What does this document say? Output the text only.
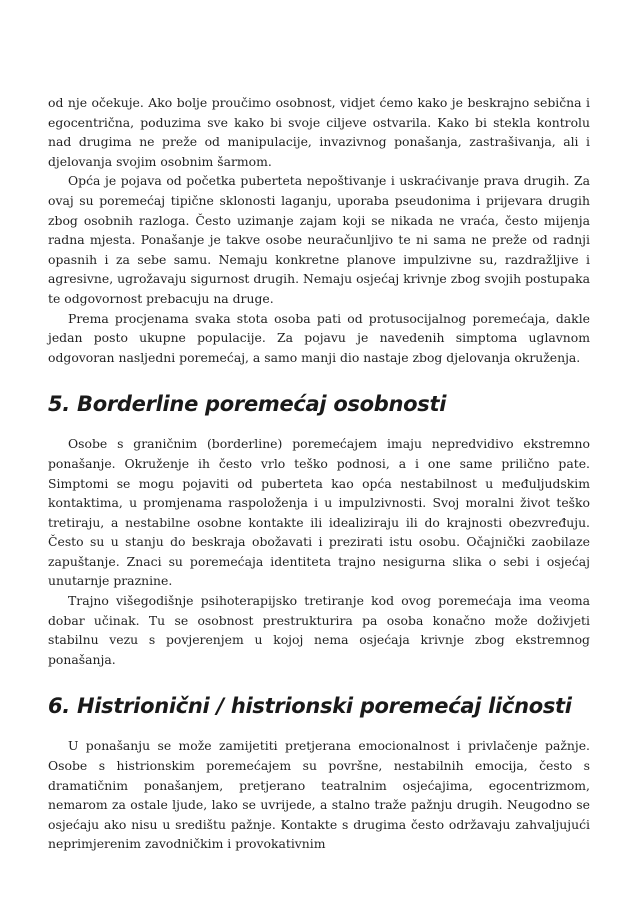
od nje očekuje. Ako bolje proučimo osobnost, vidjet ćemo kako je beskrajno sebična i egocentrična, poduzima sve kako bi svoje ciljeve ostvarila. Kako bi stekla kontrolu nad drugima ne preže od manipulacije, invazivnog ponašanja, zastrašivanja, ali i djelovanja svojim osobnim šarmom.

Opća je pojava od početka puberteta nepoštivanje i uskraćivanje prava drugih. Za ovaj su poremećaj tipične sklonosti laganju, uporaba pseudonima i prijevara drugih zbog osobnih razloga. Često uzimanje zajam koji se nikada ne vraća, često mijenja radna mjesta. Ponašanje je takve osobe neuračunljivo te ni sama ne preže od radnji opasnih i za sebe samu. Nemaju konkretne planove impulzivne su, razdražljive i agresivne, ugrožavaju sigurnost drugih. Nemaju osjećaj krivnje zbog svojih postupaka te odgovornost prebacuju na druge.

Prema procjenama svaka stota osoba pati od protusocijalnog poremećaja, dakle jedan posto ukupne populacije. Za pojavu je navedenih simptoma uglavnom odgovoran nasljedni poremećaj, a samo manji dio nastaje zbog djelovanja okruženja.

5. Borderline poremećaj osobnosti

Osobe s graničnim (borderline) poremećajem imaju nepredvidivo ekstremno ponašanje. Okruženje ih često vrlo teško podnosi, a i one same prilično pate. Simptomi se mogu pojaviti od puberteta kao opća nestabilnost u međuljudskim kontaktima, u promjenama raspoloženja i u impulzivnosti. Svoj moralni život teško tretiraju, a nestabilne osobne kontakte ili idealiziraju ili do krajnosti obezvređuju. Često su u stanju do beskraja obožavati i prezirati istu osobu. Očajnički zaobilaze zapuštanje. Znaci su poremećaja identiteta trajno nesigurna slika o sebi i osjećaj unutarnje praznine.

Trajno višegodišnje psihoterapijsko tretiranje kod ovog poremećaja ima veoma dobar učinak. Tu se osobnost prestrukturira pa osoba konačno može doživjeti stabilnu vezu s povjerenjem u kojoj nema osjećaja krivnje zbog ekstremnog ponašanja.

6. Histrionični / histrionski poremećaj ličnosti

U ponašanju se može zamijetiti pretjerana emocionalnost i privlačenje pažnje. Osobe s histrionskim poremećajem su površne, nestabilnih emocija, često s dramatičnim ponašanjem, pretjerano teatralnim osjećajima, egocentrizmom, nemarom za ostale ljude, lako se uvrijede, a stalno traže pažnju drugih. Neugodno se osjećaju ako nisu u središtu pažnje. Kontakte s drugima često održavaju zahvaljujući neprimjerenim zavodničkim i provokativnim
